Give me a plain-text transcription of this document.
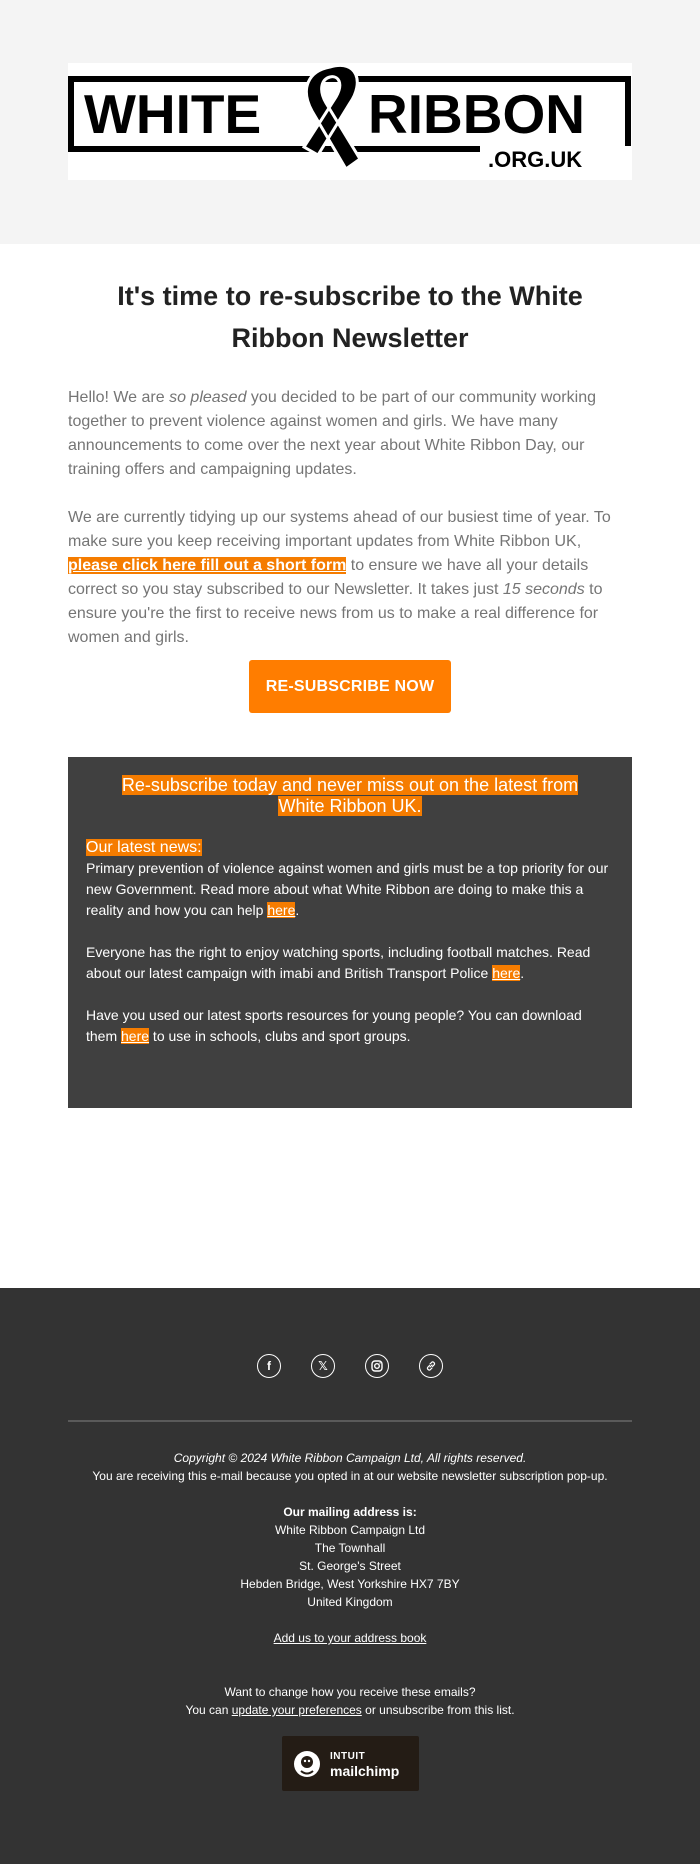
WHITE RIBBON
.ORG.UK
It's time to re-subscribe to the White Ribbon Newsletter

Hello! We are so pleased you decided to be part of our community working together to prevent violence against women and girls. We have many announcements to come over the next year about White Ribbon Day, our training offers and campaigning updates.

We are currently tidying up our systems ahead of our busiest time of year. To make sure you keep receiving important updates from White Ribbon UK, please click here fill out a short form to ensure we have all your details correct so you stay subscribed to our Newsletter. It takes just 15 seconds to ensure you're the first to receive news from us to make a real difference for women and girls.

RE-SUBSCRIBE NOW
Re-subscribe today and never miss out on the latest from White Ribbon UK.
Our latest news:

Primary prevention of violence against women and girls must be a top priority for our new Government. Read more about what White Ribbon are doing to make this a reality and how you can help here.

Everyone has the right to enjoy watching sports, including football matches. Read about our latest campaign with imabi and British Transport Police here.

Have you used our latest sports resources for young people? You can download them here to use in schools, clubs and sport groups.

f	𝕏

Copyright © 2024 White Ribbon Campaign Ltd, All rights reserved.

You are receiving this e-mail because you opted in at our website newsletter subscription pop-up.

Our mailing address is:

White Ribbon Campaign Ltd

The Townhall

St. George's Street

Hebden Bridge, West Yorkshire HX7 7BY

United Kingdom

Add us to your address book

Want to change how you receive these emails?

You can update your preferences or unsubscribe from this list.

INTUIT
mailchimp
